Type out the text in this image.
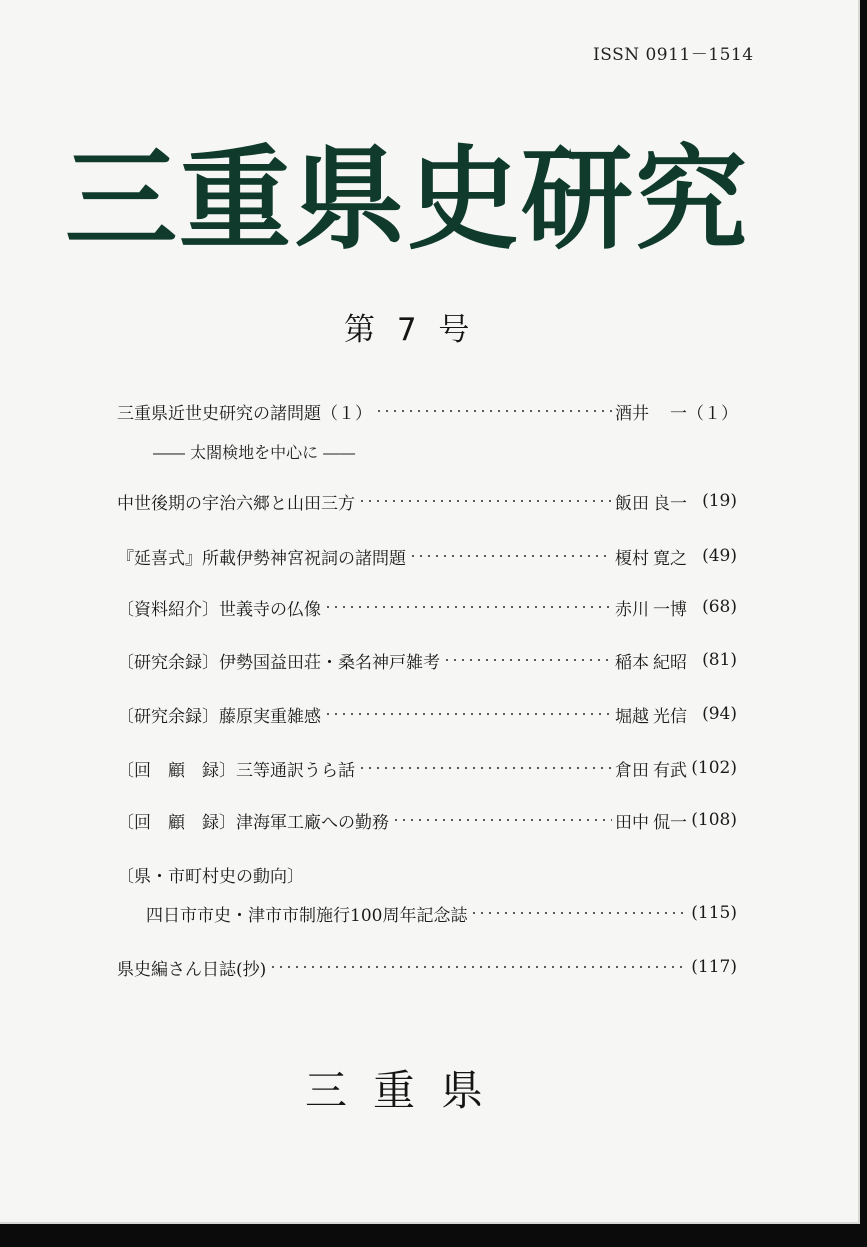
ISSN 0911－1514
三重県史研究
第 7 号
三重県近世史研究の諸問題（１）	酒井 一 （１）
―― 太閤検地を中心に ――
中世後期の宇治六郷と山田三方	飯田 良一 (19)
『延喜式』所載伊勢神宮祝詞の諸問題	榎村 寛之 (49)
〔資料紹介〕世義寺の仏像	赤川 一博 (68)
〔研究余録〕伊勢国益田荘・桑名神戸雑考	稲本 紀昭 (81)
〔研究余録〕藤原実重雑感	堀越 光信 (94)
〔回　顧　録〕三等通訳うら話	倉田 有武 (102)
〔回　顧　録〕津海軍工廠への勤務	田中 侃一 (108)
〔県・市町村史の動向〕
四日市市史・津市市制施行100周年記念誌	(115)
県史編さん日誌(抄)	(117)
三重県
